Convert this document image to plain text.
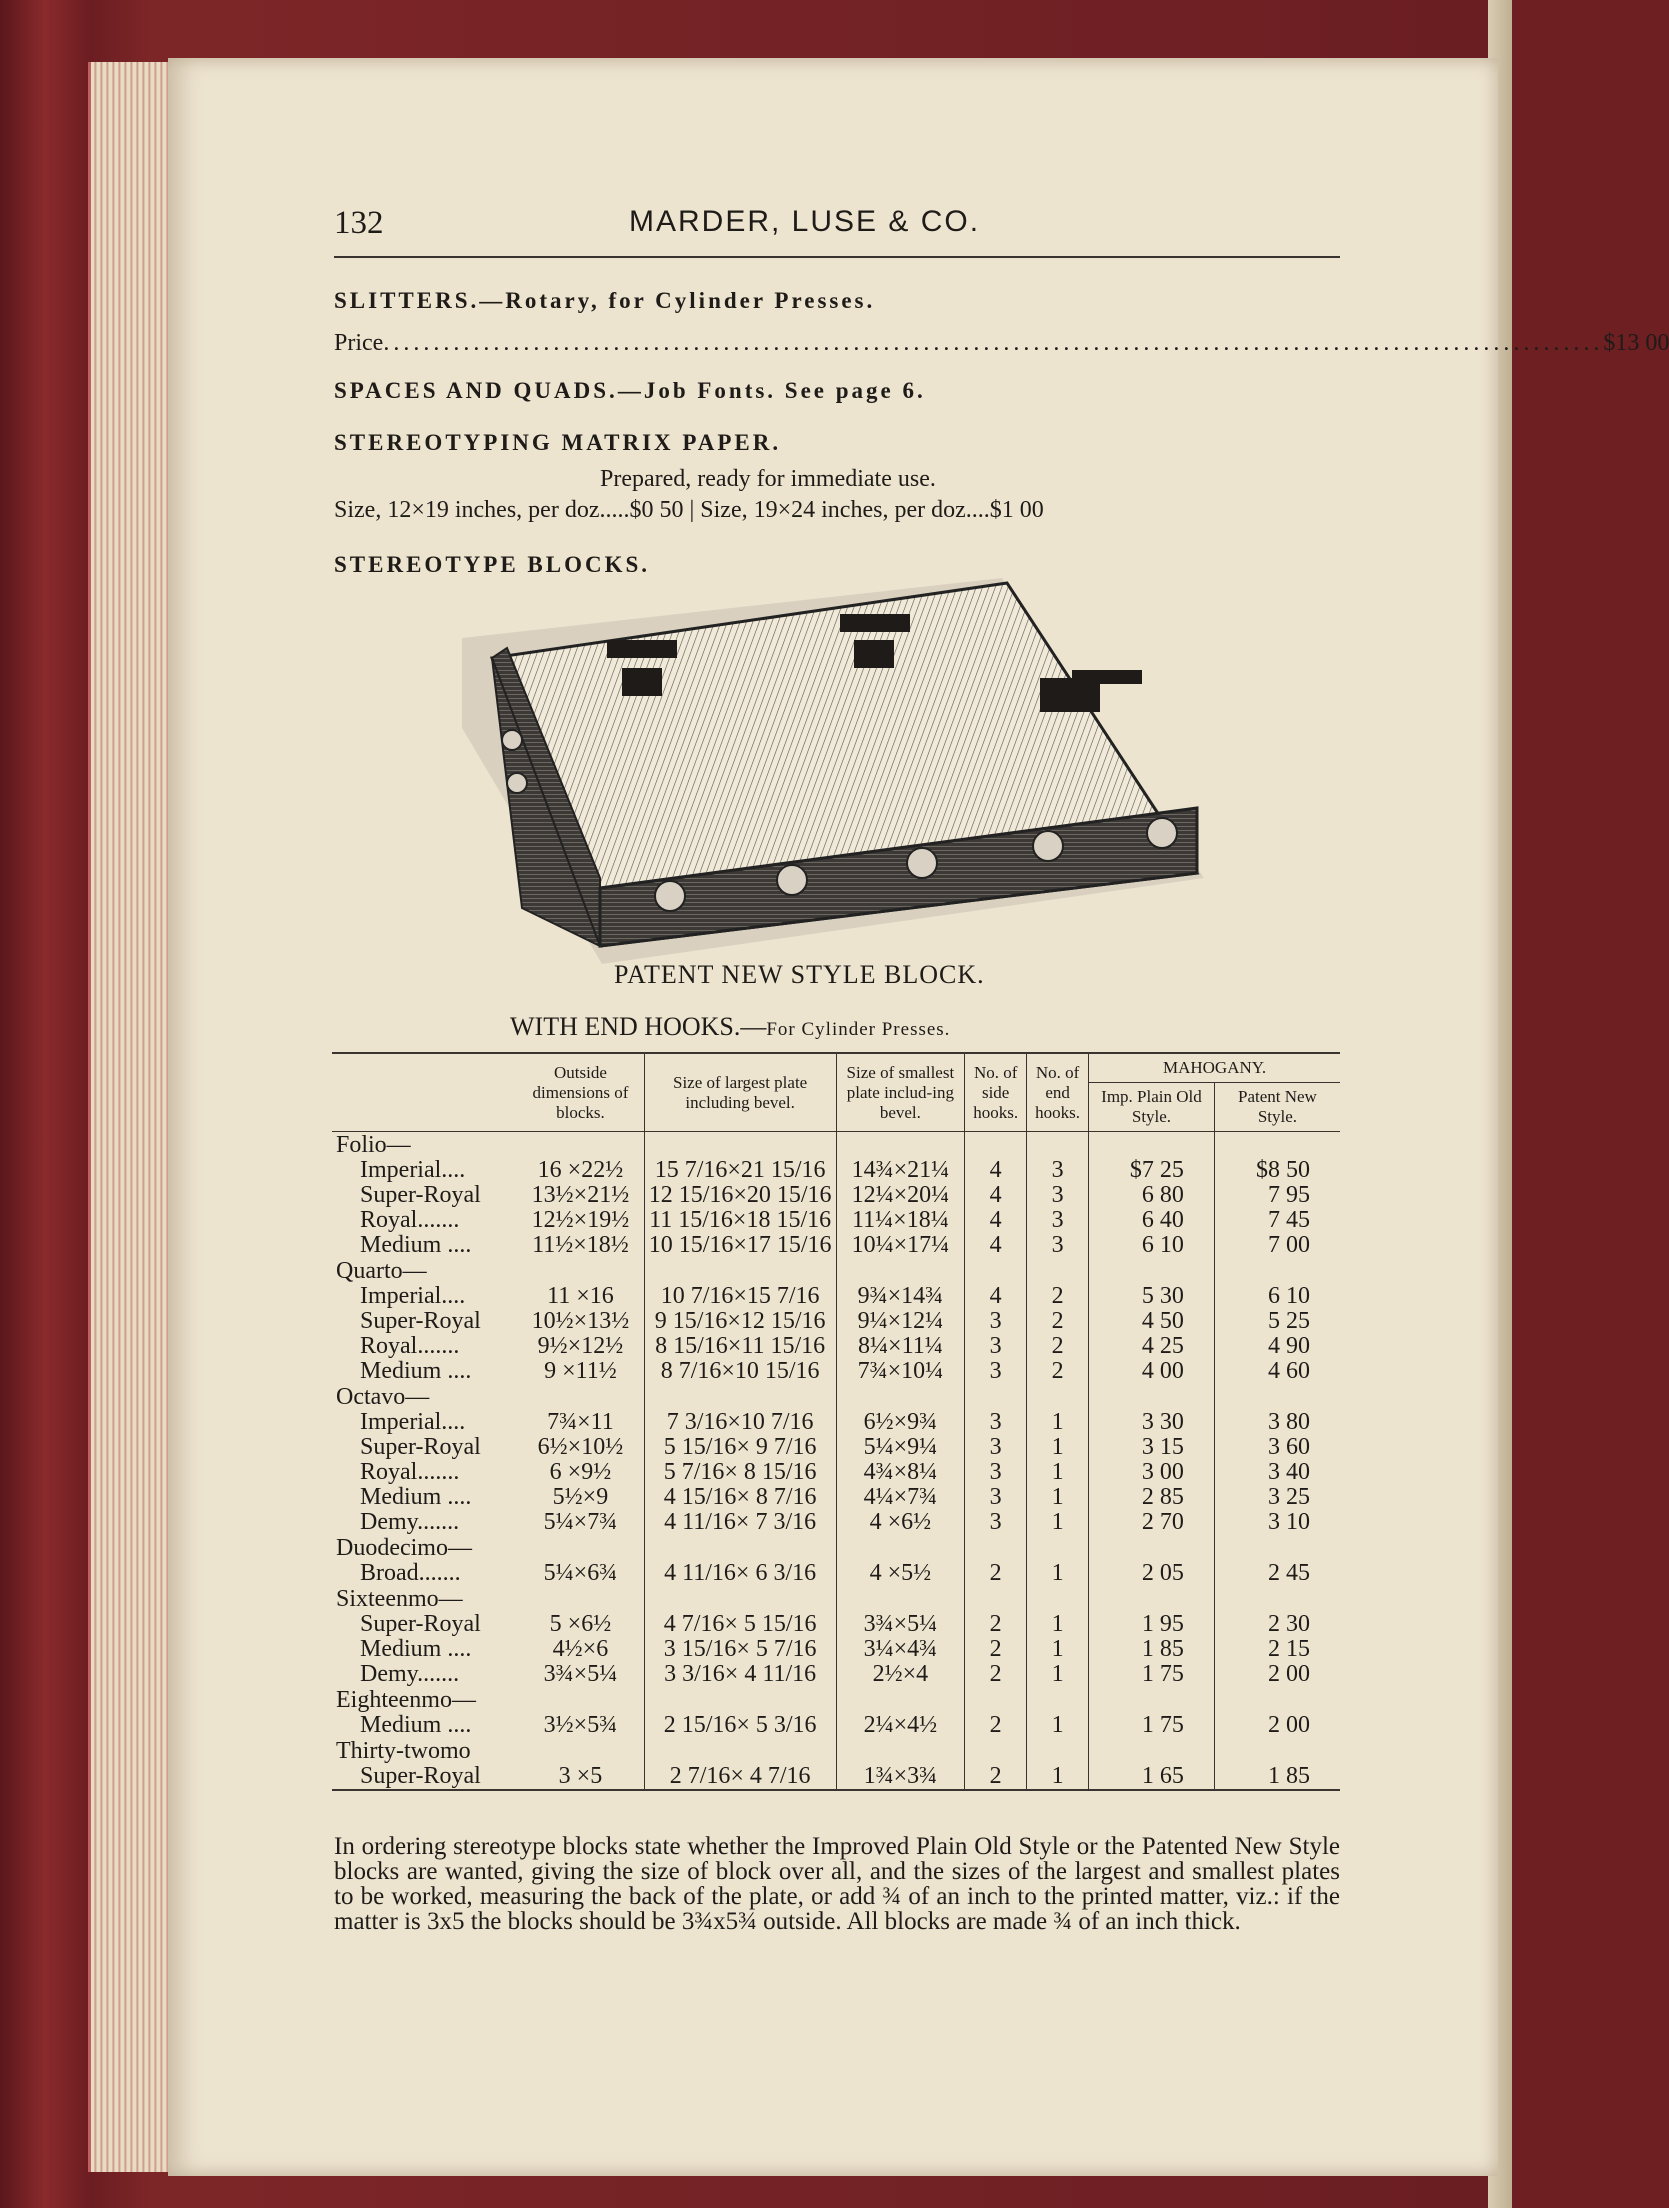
132	MARDER, LUSE & CO.
SLITTERS.—Rotary, for Cylinder Presses.
Price .......................................................................................................................... $13 00
SPACES AND QUADS.—Job Fonts. See page 6.
STEREOTYPING MATRIX PAPER.
Prepared, ready for immediate use.
Size, 12×19 inches, per doz.....$0 50 | Size, 19×24 inches, per doz....$1 00
STEREOTYPE BLOCKS.
PATENT NEW STYLE BLOCK.
WITH END HOOKS.—For Cylinder Presses.
	Outside dimensions of blocks.	Size of largest plate including bevel.	Size of smallest plate includ-ing bevel.	No. of side hooks.	No. of end hooks.	MAHOGANY.	
						Imp. Plain Old Style.	Patent New Style.
Folio—							
Imperial....	16 ×22½	15 7/16×21 15/16	14¾×21¼	4	3	$7 25	$8 50
Super-Royal	13½×21½	12 15/16×20 15/16	12¼×20¼	4	3	6 80	7 95
Royal.......	12½×19½	11 15/16×18 15/16	11¼×18¼	4	3	6 40	7 45
Medium ....	11½×18½	10 15/16×17 15/16	10¼×17¼	4	3	6 10	7 00
Quarto—							
Imperial....	11 ×16	10 7/16×15 7/16	9¾×14¾	4	2	5 30	6 10
Super-Royal	10½×13½	9 15/16×12 15/16	9¼×12¼	3	2	4 50	5 25
Royal.......	9½×12½	8 15/16×11 15/16	8¼×11¼	3	2	4 25	4 90
Medium ....	9 ×11½	8 7/16×10 15/16	7¾×10¼	3	2	4 00	4 60
Octavo—							
Imperial....	7¾×11	7 3/16×10 7/16	6½×9¾	3	1	3 30	3 80
Super-Royal	6½×10½	5 15/16× 9 7/16	5¼×9¼	3	1	3 15	3 60
Royal.......	6 ×9½	5 7/16× 8 15/16	4¾×8¼	3	1	3 00	3 40
Medium ....	5½×9	4 15/16× 8 7/16	4¼×7¾	3	1	2 85	3 25
Demy.......	5¼×7¾	4 11/16× 7 3/16	4 ×6½	3	1	2 70	3 10
Duodecimo—							
Broad.......	5¼×6¾	4 11/16× 6 3/16	4 ×5½	2	1	2 05	2 45
Sixteenmo—							
Super-Royal	5 ×6½	4 7/16× 5 15/16	3¾×5¼	2	1	1 95	2 30
Medium ....	4½×6	3 15/16× 5 7/16	3¼×4¾	2	1	1 85	2 15
Demy.......	3¾×5¼	3 3/16× 4 11/16	2½×4	2	1	1 75	2 00
Eighteenmo—							
Medium ....	3½×5¾	2 15/16× 5 3/16	2¼×4½	2	1	1 75	2 00
Thirty-twomo							
Super-Royal	3 ×5	2 7/16× 4 7/16	1¾×3¾	2	1	1 65	1 85
In ordering stereotype blocks state whether the Improved Plain Old Style or the Patented New Style blocks are wanted, giving the size of block over all, and the sizes of the largest and smallest plates to be worked, measuring the back of the plate, or add ¾ of an inch to the printed matter, viz.: if the matter is 3x5 the blocks should be 3¾x5¾ outside. All blocks are made ¾ of an inch thick.
